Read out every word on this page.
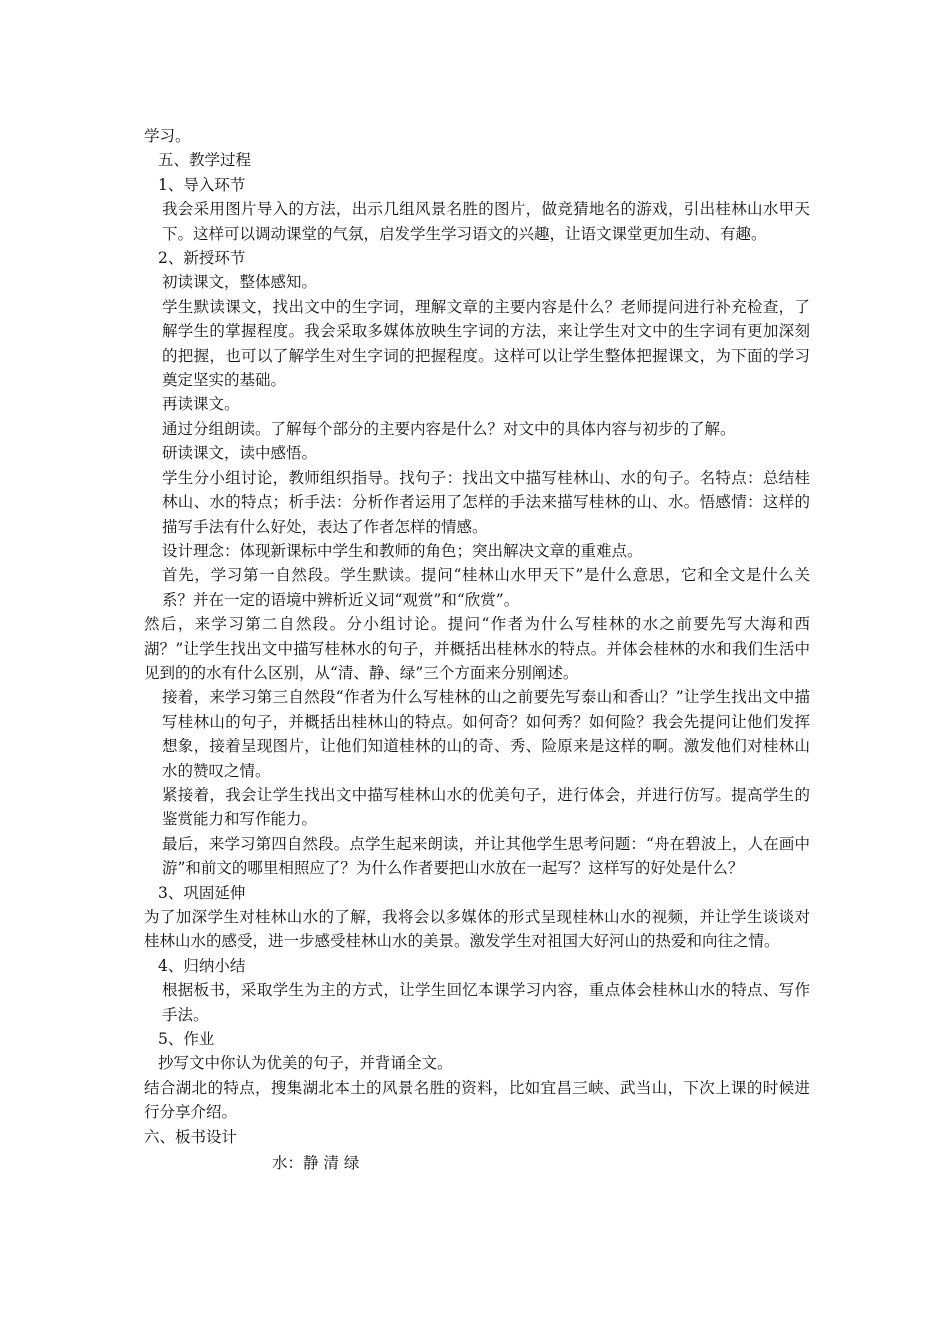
学习。

五、教学过程

1、导入环节

我会采用图片导入的方法，出示几组风景名胜的图片，做竞猜地名的游戏，引出桂林山水甲天下。这样可以调动课堂的气氛，启发学生学习语文的兴趣，让语文课堂更加生动、有趣。

2、新授环节

初读课文，整体感知。

学生默读课文，找出文中的生字词，理解文章的主要内容是什么？老师提问进行补充检查，了解学生的掌握程度。我会采取多媒体放映生字词的方法，来让学生对文中的生字词有更加深刻的把握，也可以了解学生对生字词的把握程度。这样可以让学生整体把握课文，为下面的学习奠定坚实的基础。

再读课文。

通过分组朗读。了解每个部分的主要内容是什么？对文中的具体内容与初步的了解。

研读课文，读中感悟。

学生分小组讨论，教师组织指导。找句子：找出文中描写桂林山、水的句子。名特点：总结桂林山、水的特点；析手法：分析作者运用了怎样的手法来描写桂林的山、水。悟感情：这样的描写手法有什么好处，表达了作者怎样的情感。

设计理念：体现新课标中学生和教师的角色；突出解决文章的重难点。

首先，学习第一自然段。学生默读。提问“桂林山水甲天下”是什么意思，它和全文是什么关系？并在一定的语境中辨析近义词“观赏”和“欣赏”。

然后，来学习第二自然段。分小组讨论。提问“作者为什么写桂林的水之前要先写大海和西湖？”让学生找出文中描写桂林水的句子，并概括出桂林水的特点。并体会桂林的水和我们生活中见到的的水有什么区别，从“清、静、绿”三个方面来分别阐述。

接着，来学习第三自然段“作者为什么写桂林的山之前要先写泰山和香山？”让学生找出文中描写桂林山的句子，并概括出桂林山的特点。如何奇？如何秀？如何险？我会先提问让他们发挥想象，接着呈现图片，让他们知道桂林的山的奇、秀、险原来是这样的啊。激发他们对桂林山水的赞叹之情。

紧接着，我会让学生找出文中描写桂林山水的优美句子，进行体会，并进行仿写。提高学生的鉴赏能力和写作能力。

最后，来学习第四自然段。点学生起来朗读，并让其他学生思考问题：“舟在碧波上，人在画中游”和前文的哪里相照应了？为什么作者要把山水放在一起写？这样写的好处是什么？

3、巩固延伸

为了加深学生对桂林山水的了解，我将会以多媒体的形式呈现桂林山水的视频，并让学生谈谈对桂林山水的感受，进一步感受桂林山水的美景。激发学生对祖国大好河山的热爱和向往之情。

4、归纳小结

根据板书，采取学生为主的方式，让学生回忆本课学习内容，重点体会桂林山水的特点、写作手法。

5、作业

抄写文中你认为优美的句子，并背诵全文。

结合湖北的特点，搜集湖北本土的风景名胜的资料，比如宜昌三峡、武当山，下次上课的时候进行分享介绍。

六、板书设计

水：静 清 绿
